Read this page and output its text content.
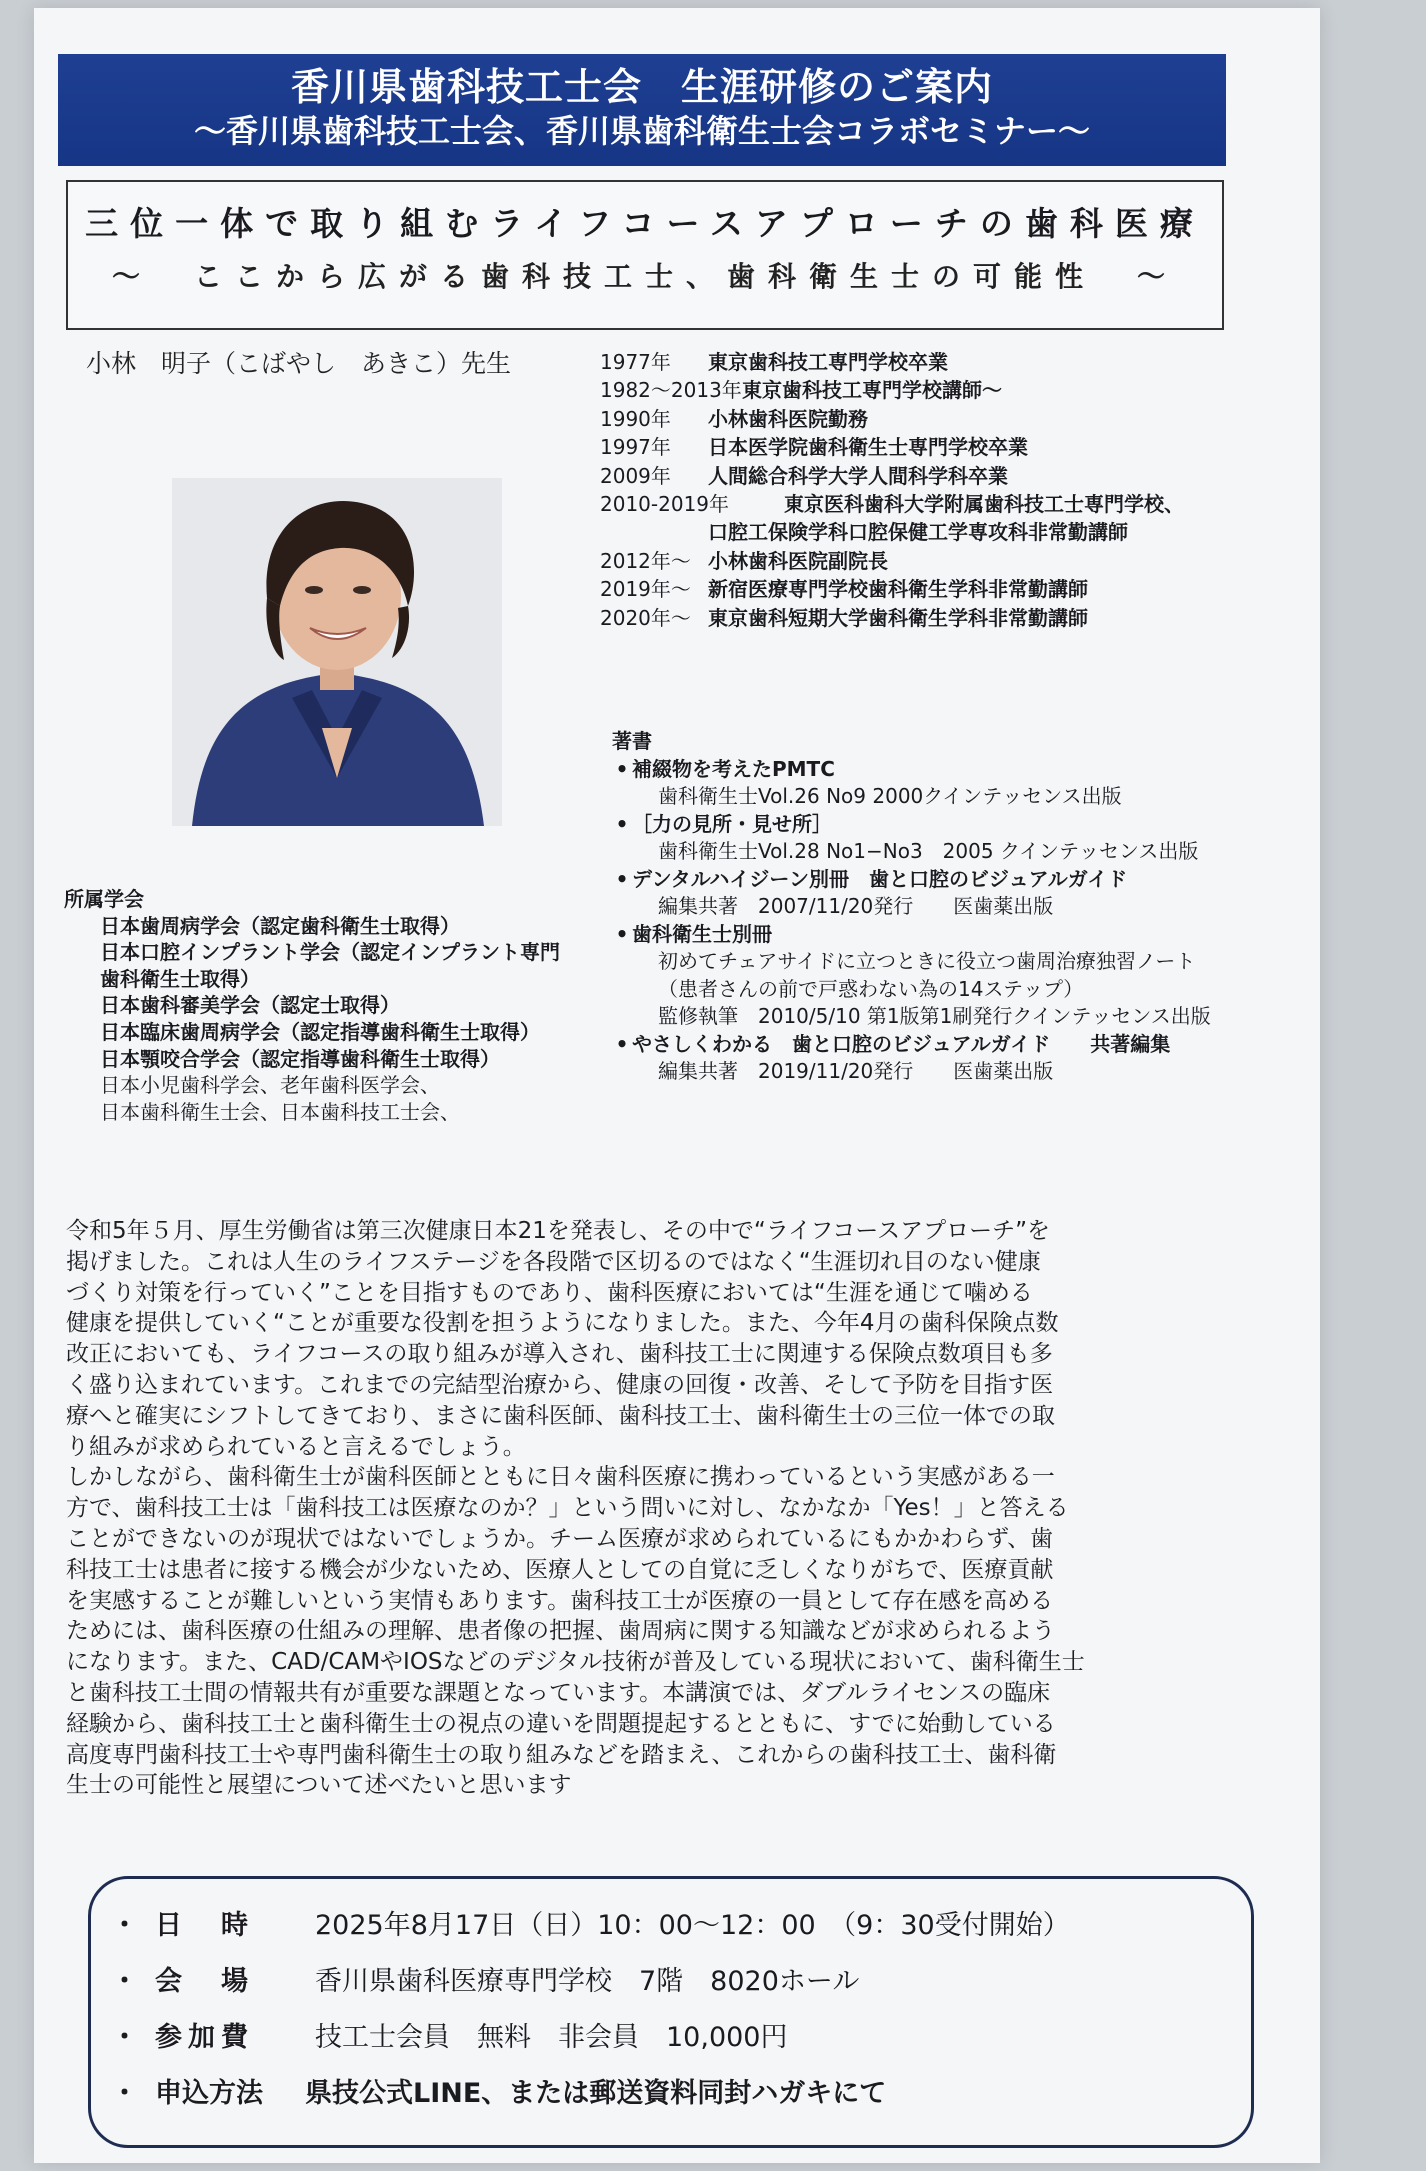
香川県歯科技工士会　生涯研修のご案内
〜香川県歯科技工士会、香川県歯科衛生士会コラボセミナー〜
三位一体で取り組むライフコースアプローチの歯科医療
〜　ここから広がる歯科技工士、歯科衛生士の可能性　〜
小林　明子（こばやし　あきこ）先生	1977年	東京歯科技工専門学校卒業
1982〜2013年 東京歯科技工専門学校講師〜
1990年	小林歯科医院勤務
1997年	日本医学院歯科衛生士専門学校卒業
2009年	人間総合科学大学人間科学科卒業
2010-2019年	東京医科歯科大学附属歯科技工士専門学校、
口腔工保険学科口腔保健工学専攻科非常勤講師
2012年〜 小林歯科医院副院長
2019年〜 新宿医療専門学校歯科衛生学科非常勤講師
2020年〜 東京歯科短期大学歯科衛生学科非常勤講師
著書
• 補綴物を考えたPMTC
歯科衛生士Vol.26 No9 2000クインテッセンス出版
• ［力の見所・見せ所］
歯科衛生士Vol.28 No1−No3　2005 クインテッセンス出版
• デンタルハイジーン別冊　歯と口腔のビジュアルガイド
編集共著　2007/11/20発行　　医歯薬出版
• 歯科衛生士別冊
初めてチェアサイドに立つときに役立つ歯周治療独習ノート
（患者さんの前で戸惑わない為の14ステップ）
監修執筆　2010/5/10 第1版第1刷発行クインテッセンス出版
• やさしくわかる　歯と口腔のビジュアルガイド　　共著編集
編集共著　2019/11/20発行　　医歯薬出版
所属学会
日本歯周病学会（認定歯科衛生士取得）
日本口腔インプラント学会（認定インプラント専門
歯科衛生士取得）
日本歯科審美学会（認定士取得）
日本臨床歯周病学会（認定指導歯科衛生士取得）
日本顎咬合学会（認定指導歯科衛生士取得）
日本小児歯科学会、老年歯科医学会、
日本歯科衛生士会、日本歯科技工士会、

令和5年５月、厚生労働省は第三次健康日本21を発表し、その中で“ライフコースアプローチ”を

掲げました。これは人生のライフステージを各段階で区切るのではなく“生涯切れ目のない健康

づくり対策を行っていく”ことを目指すものであり、歯科医療においては“生涯を通じて噛める

健康を提供していく“ことが重要な役割を担うようになりました。また、今年4月の歯科保険点数

改正においても、ライフコースの取り組みが導入され、歯科技工士に関連する保険点数項目も多

く盛り込まれています。これまでの完結型治療から、健康の回復・改善、そして予防を目指す医

療へと確実にシフトしてきており、まさに歯科医師、歯科技工士、歯科衛生士の三位一体での取

り組みが求められていると言えるでしょう。

しかしながら、歯科衛生士が歯科医師とともに日々歯科医療に携わっているという実感がある一

方で、歯科技工士は「歯科技工は医療なのか？」という問いに対し、なかなか「Yes！」と答える

ことができないのが現状ではないでしょうか。チーム医療が求められているにもかかわらず、歯

科技工士は患者に接する機会が少ないため、医療人としての自覚に乏しくなりがちで、医療貢献

を実感することが難しいという実情もあります。歯科技工士が医療の一員として存在感を高める

ためには、歯科医療の仕組みの理解、患者像の把握、歯周病に関する知識などが求められるよう

になります。また、CAD/CAMやIOSなどのデジタル技術が普及している現状において、歯科衛生士

と歯科技工士間の情報共有が重要な課題となっています。本講演では、ダブルライセンスの臨床

経験から、歯科技工士と歯科衛生士の視点の違いを問題提起するとともに、すでに始動している

高度専門歯科技工士や専門歯科衛生士の取り組みなどを踏まえ、これからの歯科技工士、歯科衛

生士の可能性と展望について述べたいと思います

・ 日　時 2025年8月17日（日）10：00〜12：00　（9：30受付開始）
・ 会　場 香川県歯科医療専門学校　7階　8020ホール
・ 参加費 技工士会員　無料　非会員　10,000円
・ 申込方法 県技公式LINE、または郵送資料同封ハガキにて
